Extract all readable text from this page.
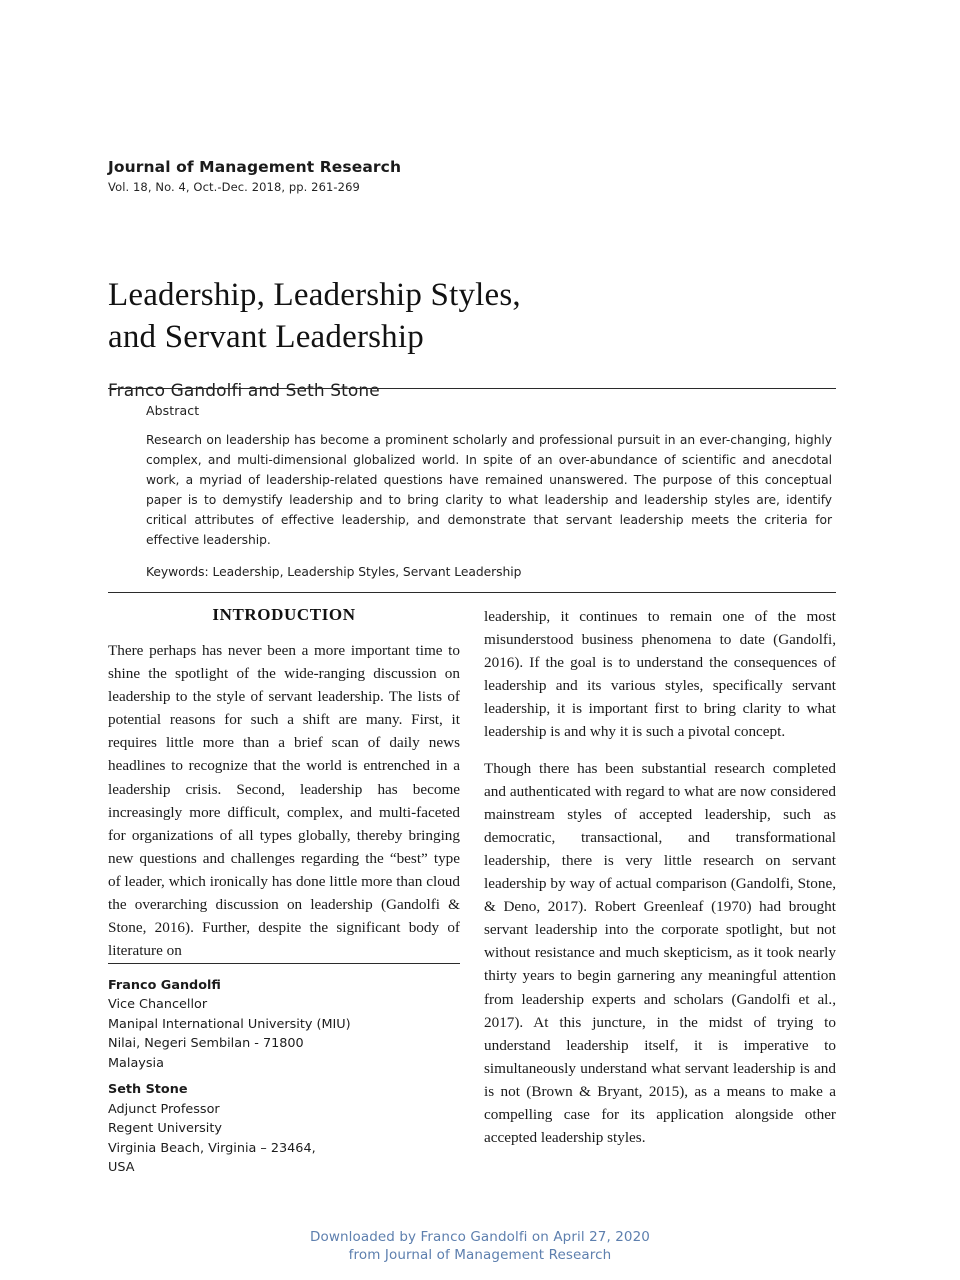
Journal of Management Research
Vol. 18, No. 4, Oct.-Dec. 2018, pp. 261-269
Leadership, Leadership Styles,
and Servant Leadership
Franco Gandolfi and Seth Stone
Abstract
Research on leadership has become a prominent scholarly and professional pursuit in an ever-changing, highly complex, and multi-dimensional globalized world. In spite of an over-abundance of scientific and anecdotal work, a myriad of leadership-related questions have remained unanswered. The purpose of this conceptual paper is to demystify leadership and to bring clarity to what leadership and leadership styles are, identify critical attributes of effective leadership, and demonstrate that servant leadership meets the criteria for effective leadership.
Keywords: Leadership, Leadership Styles, Servant Leadership
INTRODUCTION

There perhaps has never been a more important time to shine the spotlight of the wide-ranging discussion on leadership to the style of servant leadership. The lists of potential reasons for such a shift are many. First, it requires little more than a brief scan of daily news headlines to recognize that the world is entrenched in a leadership crisis. Second, leadership has become increasingly more difficult, complex, and multi-faceted for organizations of all types globally, thereby bringing new questions and challenges regarding the “best” type of leader, which ironically has done little more than cloud the overarching discussion on leadership (Gandolfi & Stone, 2016). Further, despite the significant body of literature on

Franco Gandolfi
Vice Chancellor
Manipal International University (MIU)
Nilai, Negeri Sembilan - 71800
Malaysia
Seth Stone
Adjunct Professor
Regent University
Virginia Beach, Virginia – 23464,
USA

leadership, it continues to remain one of the most misunderstood business phenomena to date (Gandolfi, 2016). If the goal is to understand the consequences of leadership and its various styles, specifically servant leadership, it is important first to bring clarity to what leadership is and why it is such a pivotal concept.

Though there has been substantial research completed and authenticated with regard to what are now considered mainstream styles of accepted leadership, such as democratic, transactional, and transformational leadership, there is very little research on servant leadership by way of actual comparison (Gandolfi, Stone, & Deno, 2017). Robert Greenleaf (1970) had brought servant leadership into the corporate spotlight, but not without resistance and much skepticism, as it took nearly thirty years to begin garnering any meaningful attention from leadership experts and scholars (Gandolfi et al., 2017). At this juncture, in the midst of trying to understand leadership itself, it is imperative to simultaneously understand what servant leadership is and is not (Brown & Bryant, 2015), as a means to make a compelling case for its application alongside other accepted leadership styles.

Downloaded by Franco Gandolfi on April 27, 2020
from Journal of Management Research
